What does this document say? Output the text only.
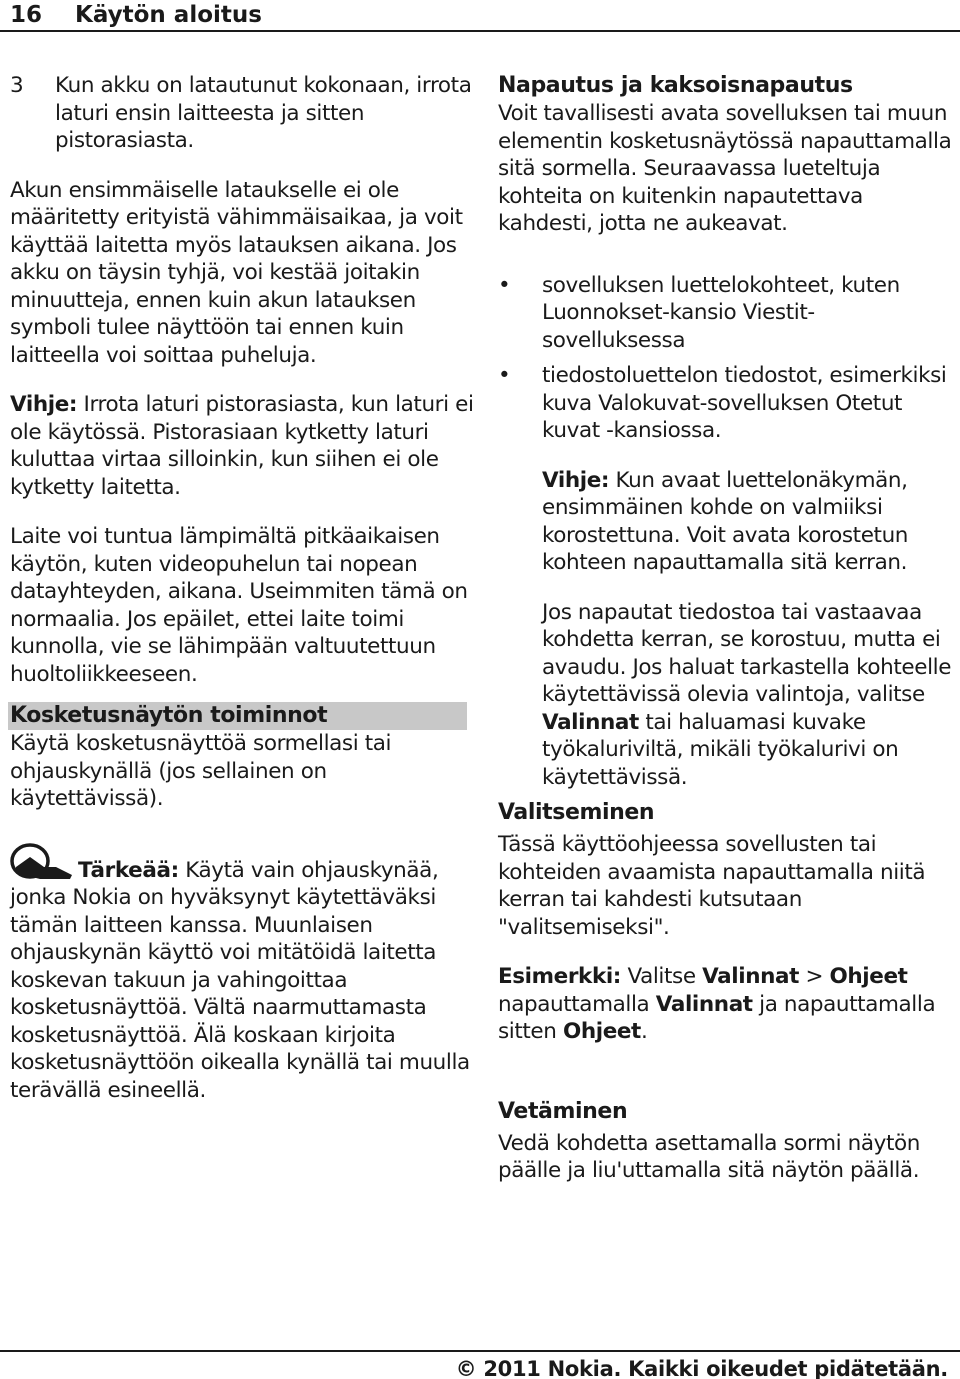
16 Käytön aloitus
3 Kun akku on latautunut kokonaan, irrota laturi ensin laitteesta ja sitten pistorasiasta.

Akun ensimmäiselle lataukselle ei ole määritetty erityistä vähimmäisaikaa, ja voit käyttää laitetta myös latauksen aikana. Jos akku on täysin tyhjä, voi kestää joitakin minuutteja, ennen kuin akun latauksen symboli tulee näyttöön tai ennen kuin laitteella voi soittaa puheluja.

Vihje: Irrota laturi pistorasiasta, kun laturi ei ole käytössä. Pistorasiaan kytketty laturi kuluttaa virtaa silloinkin, kun siihen ei ole kytketty laitetta.

Laite voi tuntua lämpimältä pitkäaikaisen käytön, kuten videopuhelun tai nopean datayhteyden, aikana. Useimmiten tämä on normaalia. Jos epäilet, ettei laite toimi kunnolla, vie se lähimpään valtuutettuun huoltoliikkeeseen.

Kosketusnäytön toiminnot

Käytä kosketusnäyttöä sormellasi tai ohjauskynällä (jos sellainen on käytettävissä).

Tärkeää: Käytä vain ohjauskynää, jonka Nokia on hyväksynyt käytettäväksi tämän laitteen kanssa. Muunlaisen ohjauskynän käyttö voi mitätöidä laitetta koskevan takuun ja vahingoittaa kosketusnäyttöä. Vältä naarmuttamasta kosketusnäyttöä. Älä koskaan kirjoita kosketusnäyttöön oikealla kynällä tai muulla terävällä esineellä.

Napautus ja kaksoisnapautus

Voit tavallisesti avata sovelluksen tai muun elementin kosketusnäytössä napauttamalla sitä sormella. Seuraavassa lueteltuja kohteita on kuitenkin napautettava kahdesti, jotta ne aukeavat.

• sovelluksen luettelokohteet, kuten Luonnokset-kansio Viestit-sovelluksessa
• tiedostoluettelon tiedostot, esimerkiksi kuva Valokuvat-sovelluksen Otetut kuvat -kansiossa.

Vihje: Kun avaat luettelonäkymän, ensimmäinen kohde on valmiiksi korostettuna. Voit avata korostetun kohteen napauttamalla sitä kerran.

Jos napautat tiedostoa tai vastaavaa kohdetta kerran, se korostuu, mutta ei avaudu. Jos haluat tarkastella kohteelle käytettävissä olevia valintoja, valitse Valinnat tai haluamasi kuvake työkaluriviltä, mikäli työkalurivi on käytettävissä.

Valitseminen

Tässä käyttöohjeessa sovellusten tai kohteiden avaamista napauttamalla niitä kerran tai kahdesti kutsutaan "valitsemiseksi".

Esimerkki: Valitse Valinnat > Ohjeet napauttamalla Valinnat ja napauttamalla sitten Ohjeet.

Vetäminen

Vedä kohdetta asettamalla sormi näytön päälle ja liu'uttamalla sitä näytön päällä.

© 2011 Nokia. Kaikki oikeudet pidätetään.
